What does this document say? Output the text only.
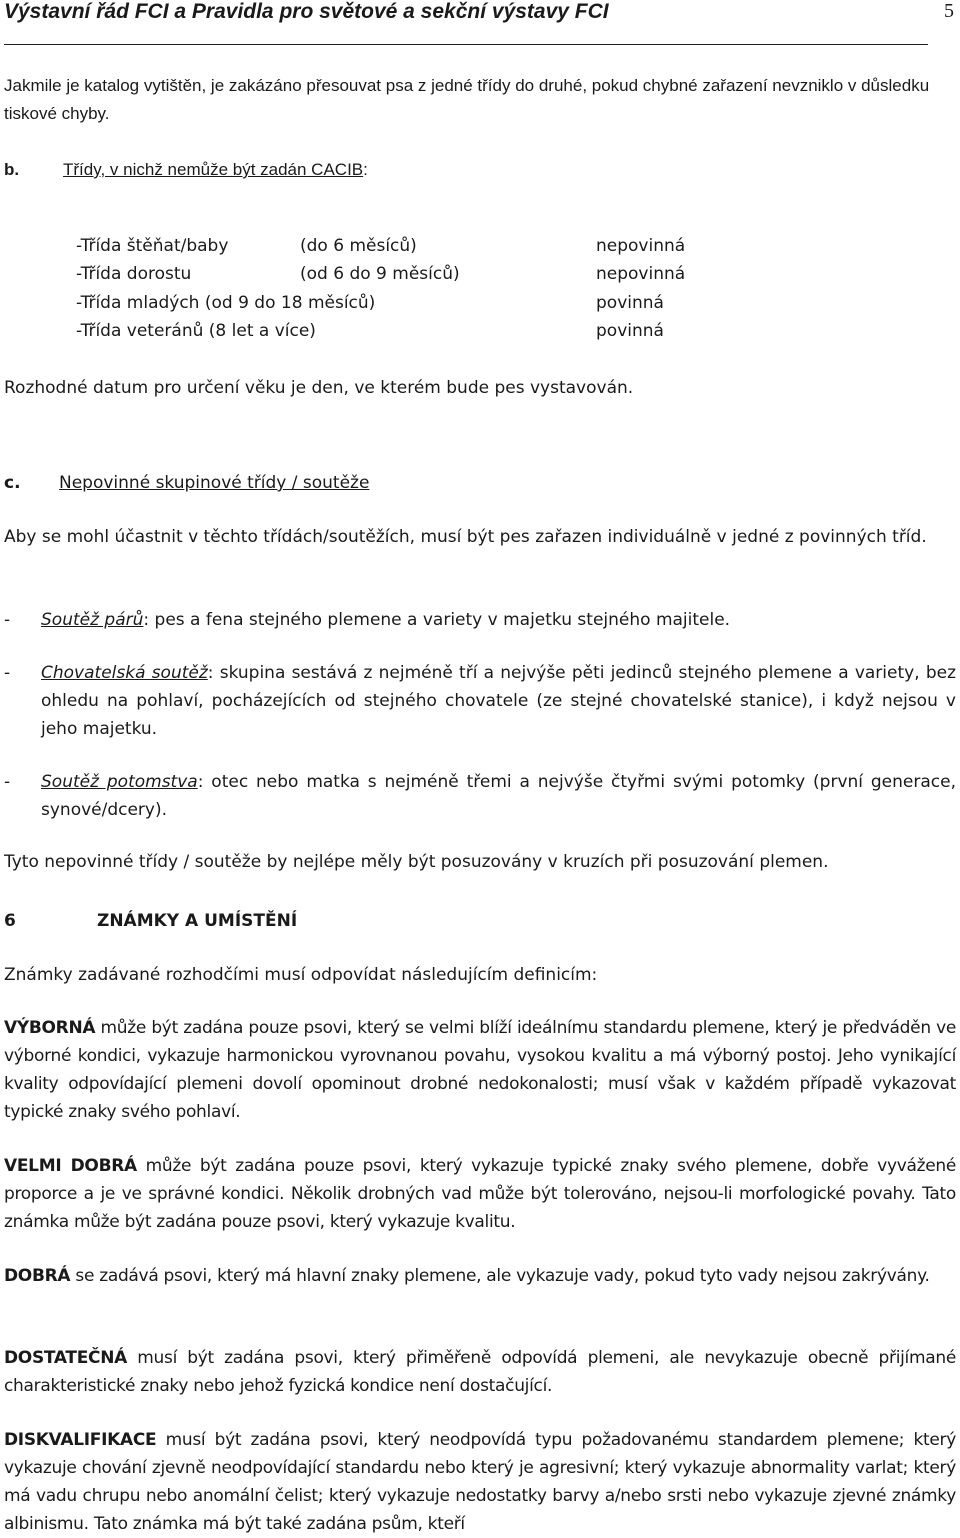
Výstavní řád FCI a Pravidla pro světové a sekční výstavy FCI	5
Jakmile je katalog vytištěn, je zakázáno přesouvat psa z jedné třídy do druhé, pokud chybné zařazení nevzniklo v důsledku tiskové chyby.
b.	Třídy, v nichž nemůže být zadán CACIB:
-Třída štěňat/baby	(do 6 měsíců)	nepovinná
-Třída dorostu	(od 6 do 9 měsíců)	nepovinná
-Třída mladých (od 9 do 18 měsíců)	povinná
-Třída veteránů (8 let a více)	povinná
Rozhodné datum pro určení věku je den, ve kterém bude pes vystavován.
c. Nepovinné skupinové třídy / soutěže
Aby se mohl účastnit v těchto třídách/soutěžích, musí být pes zařazen individuálně v jedné z povinných tříd.
- Soutěž párů: pes a fena stejného plemene a variety v majetku stejného majitele.
- Chovatelská soutěž: skupina sestává z nejméně tří a nejvýše pěti jedinců stejného plemene a variety, bez ohledu na pohlaví, pocházejících od stejného chovatele (ze stejné chovatelské stanice), i když nejsou v jeho majetku.
- Soutěž potomstva: otec nebo matka s nejméně třemi a nejvýše čtyřmi svými potomky (první generace, synové/dcery).
Tyto nepovinné třídy / soutěže by nejlépe měly být posuzovány v kruzích při posuzování plemen.
6	ZNÁMKY A UMÍSTĚNÍ
Známky zadávané rozhodčími musí odpovídat následujícím definicím:
VÝBORNÁ může být zadána pouze psovi, který se velmi blíží ideálnímu standardu plemene, který je předváděn ve výborné kondici, vykazuje harmonickou vyrovnanou povahu, vysokou kvalitu a má výborný postoj. Jeho vynikající kvality odpovídající plemeni dovolí opominout drobné nedokonalosti; musí však v každém případě vykazovat typické znaky svého pohlaví.
VELMI DOBRÁ může být zadána pouze psovi, který vykazuje typické znaky svého plemene, dobře vyvážené proporce a je ve správné kondici. Několik drobných vad může být tolerováno, nejsou-li morfologické povahy. Tato známka může být zadána pouze psovi, který vykazuje kvalitu.
DOBRÁ se zadává psovi, který má hlavní znaky plemene, ale vykazuje vady, pokud tyto vady nejsou zakrývány.
DOSTATEČNÁ musí být zadána psovi, který přiměřeně odpovídá plemeni, ale nevykazuje obecně přijímané charakteristické znaky nebo jehož fyzická kondice není dostačující.
DISKVALIFIKACE musí být zadána psovi, který neodpovídá typu požadovanému standardem plemene; který vykazuje chování zjevně neodpovídající standardu nebo který je agresivní; který vykazuje abnormality varlat; který má vadu chrupu nebo anomální čelist; který vykazuje nedostatky barvy a/nebo srsti nebo vykazuje zjevné známky albinismu. Tato známka má být také zadána psům, kteří
